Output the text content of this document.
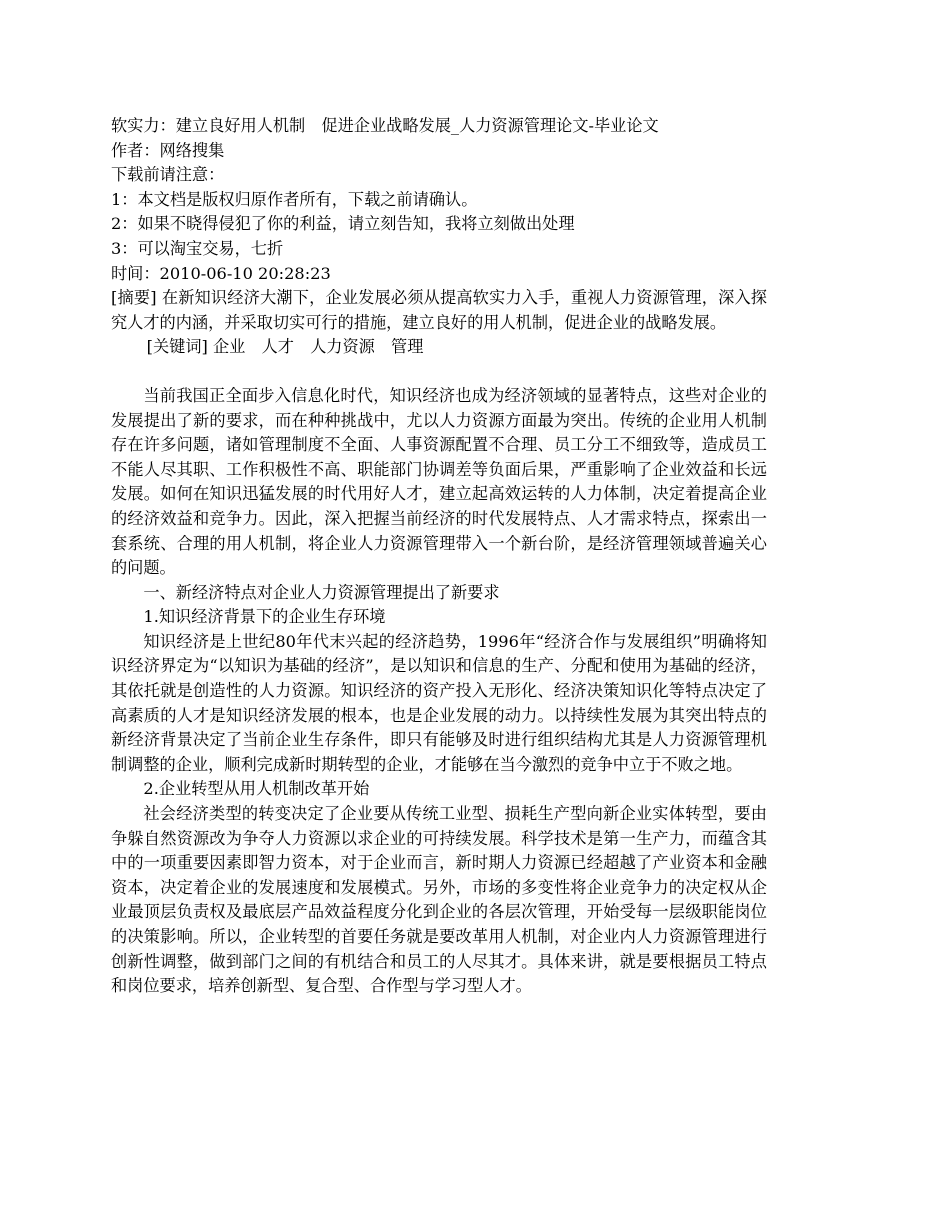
软实力：建立良好用人机制　促进企业战略发展_人力资源管理论文-毕业论文
作者：网络搜集
下载前请注意：
1：本文档是版权归原作者所有，下载之前请确认。
2：如果不晓得侵犯了你的利益，请立刻告知，我将立刻做出处理
3：可以淘宝交易，七折
时间：2010-06-10 20:28:23
[摘要] 在新知识经济大潮下，企业发展必须从提高软实力入手，重视人力资源管理，深入探究人才的内涵，并采取切实可行的措施，建立良好的用人机制，促进企业的战略发展。
[关键词] 企业　人才　人力资源　管理
当前我国正全面步入信息化时代，知识经济也成为经济领域的显著特点，这些对企业的发展提出了新的要求，而在种种挑战中，尤以人力资源方面最为突出。传统的企业用人机制存在许多问题，诸如管理制度不全面、人事资源配置不合理、员工分工不细致等，造成员工不能人尽其职、工作积极性不高、职能部门协调差等负面后果，严重影响了企业效益和长远发展。如何在知识迅猛发展的时代用好人才，建立起高效运转的人力体制，决定着提高企业的经济效益和竞争力。因此，深入把握当前经济的时代发展特点、人才需求特点，探索出一套系统、合理的用人机制，将企业人力资源管理带入一个新台阶，是经济管理领域普遍关心的问题。
一、新经济特点对企业人力资源管理提出了新要求
1.知识经济背景下的企业生存环境
知识经济是上世纪80年代末兴起的经济趋势，1996年“经济合作与发展组织”明确将知识经济界定为“以知识为基础的经济”，是以知识和信息的生产、分配和使用为基础的经济，其依托就是创造性的人力资源。知识经济的资产投入无形化、经济决策知识化等特点决定了高素质的人才是知识经济发展的根本，也是企业发展的动力。以持续性发展为其突出特点的新经济背景决定了当前企业生存条件，即只有能够及时进行组织结构尤其是人力资源管理机制调整的企业，顺利完成新时期转型的企业，才能够在当今激烈的竞争中立于不败之地。
2.企业转型从用人机制改革开始
社会经济类型的转变决定了企业要从传统工业型、损耗生产型向新企业实体转型，要由争躲自然资源改为争夺人力资源以求企业的可持续发展。科学技术是第一生产力，而蕴含其中的一项重要因素即智力资本，对于企业而言，新时期人力资源已经超越了产业资本和金融资本，决定着企业的发展速度和发展模式。另外，市场的多变性将企业竞争力的决定权从企业最顶层负责权及最底层产品效益程度分化到企业的各层次管理，开始受每一层级职能岗位的决策影响。所以，企业转型的首要任务就是要改革用人机制，对企业内人力资源管理进行创新性调整，做到部门之间的有机结合和员工的人尽其才。具体来讲，就是要根据员工特点和岗位要求，培养创新型、复合型、合作型与学习型人才。
